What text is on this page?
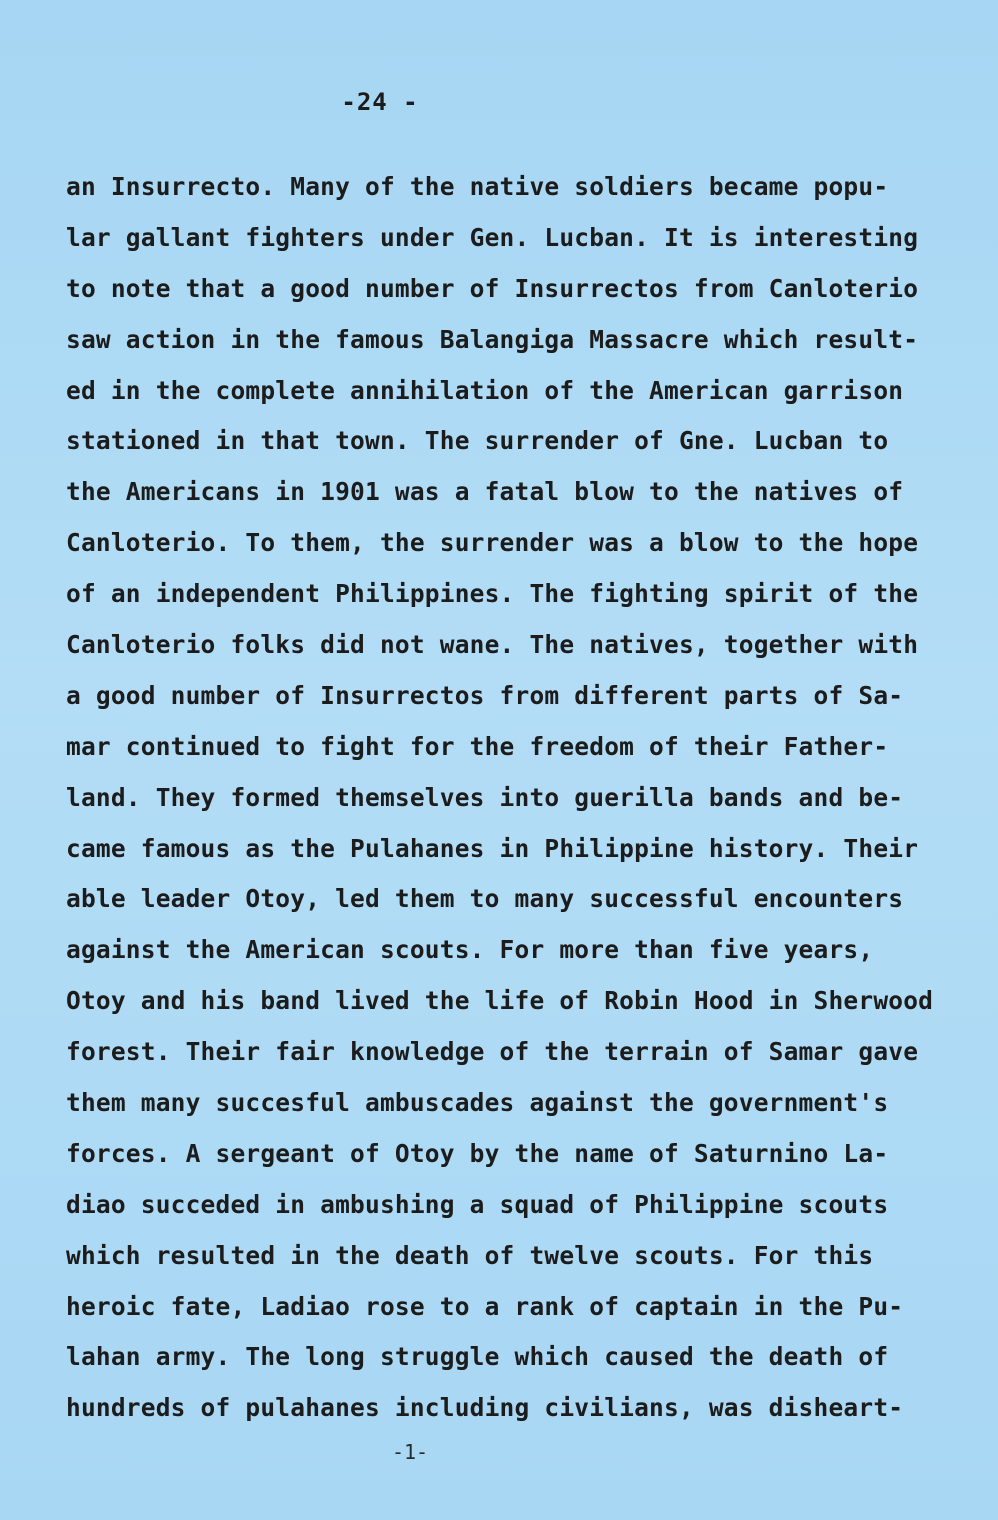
-24 -
an Insurrecto. Many of the native soldiers became popu-
lar gallant fighters under Gen. Lucban. It is interesting
to note that a good number of Insurrectos from Canloterio
saw action in the famous Balangiga Massacre which result-
ed in the complete annihilation of the American garrison
stationed in that town. The surrender of Gne. Lucban to
the Americans in 1901 was a fatal blow to the natives of
Canloterio. To them, the surrender was a blow to the hope
of an independent Philippines. The fighting spirit of the
Canloterio folks did not wane. The natives, together with
a good number of Insurrectos from different parts of Sa-
mar continued to fight for the freedom of their Father-
land. They formed themselves into guerilla bands and be-
came famous as the Pulahanes in Philippine history. Their
able leader Otoy, led them to many successful encounters
against the American scouts. For more than five years,
Otoy and his band lived the life of Robin Hood in Sherwood
forest. Their fair knowledge of the terrain of Samar gave
them many succesful ambuscades against the government's
forces. A sergeant of Otoy by the name of Saturnino La-
diao succeded in ambushing a squad of Philippine scouts
which resulted in the death of twelve scouts. For this
heroic fate, Ladiao rose to a rank of captain in the Pu-
lahan army. The long struggle which caused the death of
hundreds of pulahanes including civilians, was disheart-
-1-
